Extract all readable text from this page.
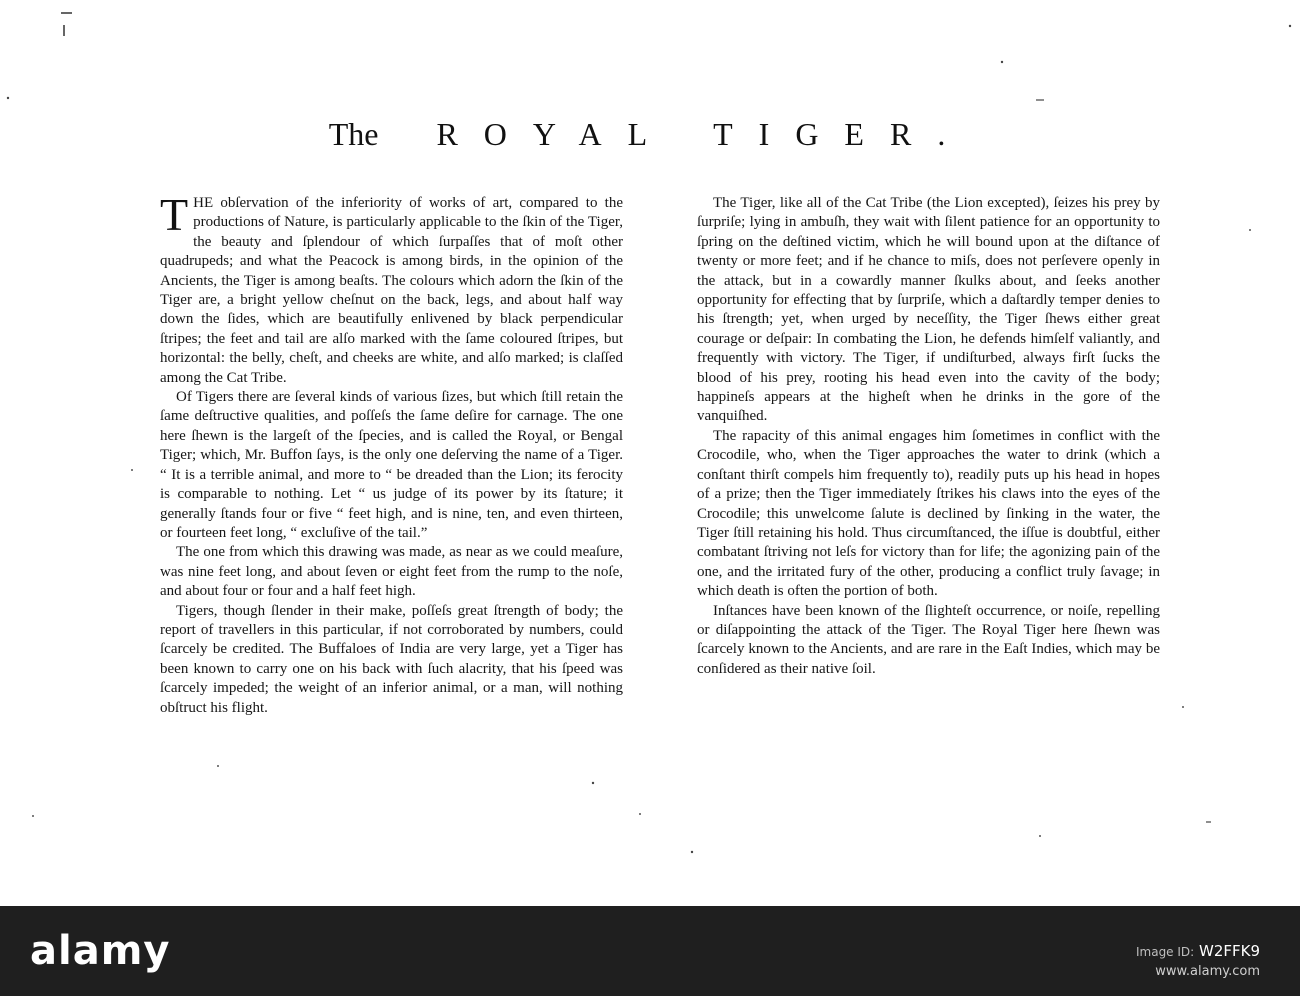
The ROYAL TIGER.

THE obſervation of the inferiority of works of art, compared to the productions of Nature, is particularly applicable to the ſkin of the Tiger, the beauty and ſplendour of which ſurpaſſes that of moſt other quadrupeds; and what the Peacock is among birds, in the opinion of the Ancients, the Tiger is among beaſts. The colours which adorn the ſkin of the Tiger are, a bright yellow cheſnut on the back, legs, and about half way down the ſides, which are beautifully enlivened by black perpendicular ſtripes; the feet and tail are alſo marked with the ſame coloured ſtripes, but horizontal: the belly, cheſt, and cheeks are white, and alſo marked; is claſſed among the Cat Tribe.

Of Tigers there are ſeveral kinds of various ſizes, but which ſtill retain the ſame deſtructive qualities, and poſſeſs the ſame deſire for carnage. The one here ſhewn is the largeſt of the ſpecies, and is called the Royal, or Bengal Tiger; which, Mr. Buffon ſays, is the only one deſerving the name of a Tiger. “ It is a terrible animal, and more to “ be dreaded than the Lion; its ferocity is comparable to nothing. Let “ us judge of its power by its ſtature; it generally ſtands four or five “ feet high, and is nine, ten, and even thirteen, or fourteen feet long, “ excluſive of the tail.”

The one from which this drawing was made, as near as we could meaſure, was nine feet long, and about ſeven or eight feet from the rump to the noſe, and about four or four and a half feet high.

Tigers, though ſlender in their make, poſſeſs great ſtrength of body; the report of travellers in this particular, if not corroborated by numbers, could ſcarcely be credited. The Buffaloes of India are very large, yet a Tiger has been known to carry one on his back with ſuch alacrity, that his ſpeed was ſcarcely impeded; the weight of an inferior animal, or a man, will nothing obſtruct his flight.

The Tiger, like all of the Cat Tribe (the Lion excepted), ſeizes his prey by ſurpriſe; lying in ambuſh, they wait with ſilent patience for an opportunity to ſpring on the deſtined victim, which he will bound upon at the diſtance of twenty or more feet; and if he chance to miſs, does not perſevere openly in the attack, but in a cowardly manner ſkulks about, and ſeeks another opportunity for effecting that by ſurpriſe, which a daſtardly temper denies to his ſtrength; yet, when urged by neceſſity, the Tiger ſhews either great courage or deſpair: In combating the Lion, he defends himſelf valiantly, and frequently with victory. The Tiger, if undiſturbed, always firſt ſucks the blood of his prey, rooting his head even into the cavity of the body; happineſs appears at the higheſt when he drinks in the gore of the vanquiſhed.

The rapacity of this animal engages him ſometimes in conflict with the Crocodile, who, when the Tiger approaches the water to drink (which a conſtant thirſt compels him frequently to), readily puts up his head in hopes of a prize; then the Tiger immediately ſtrikes his claws into the eyes of the Crocodile; this unwelcome ſalute is declined by ſinking in the water, the Tiger ſtill retaining his hold. Thus circumſtanced, the iſſue is doubtful, either combatant ſtriving not leſs for victory than for life; the agonizing pain of the one, and the irritated fury of the other, producing a conflict truly ſavage; in which death is often the portion of both.

Inſtances have been known of the ſlighteſt occurrence, or noiſe, repelling or diſappointing the attack of the Tiger. The Royal Tiger here ſhewn was ſcarcely known to the Ancients, and are rare in the Eaſt Indies, which may be conſidered as their native ſoil.

alamy	Image ID: W2FFK9
www.alamy.com
